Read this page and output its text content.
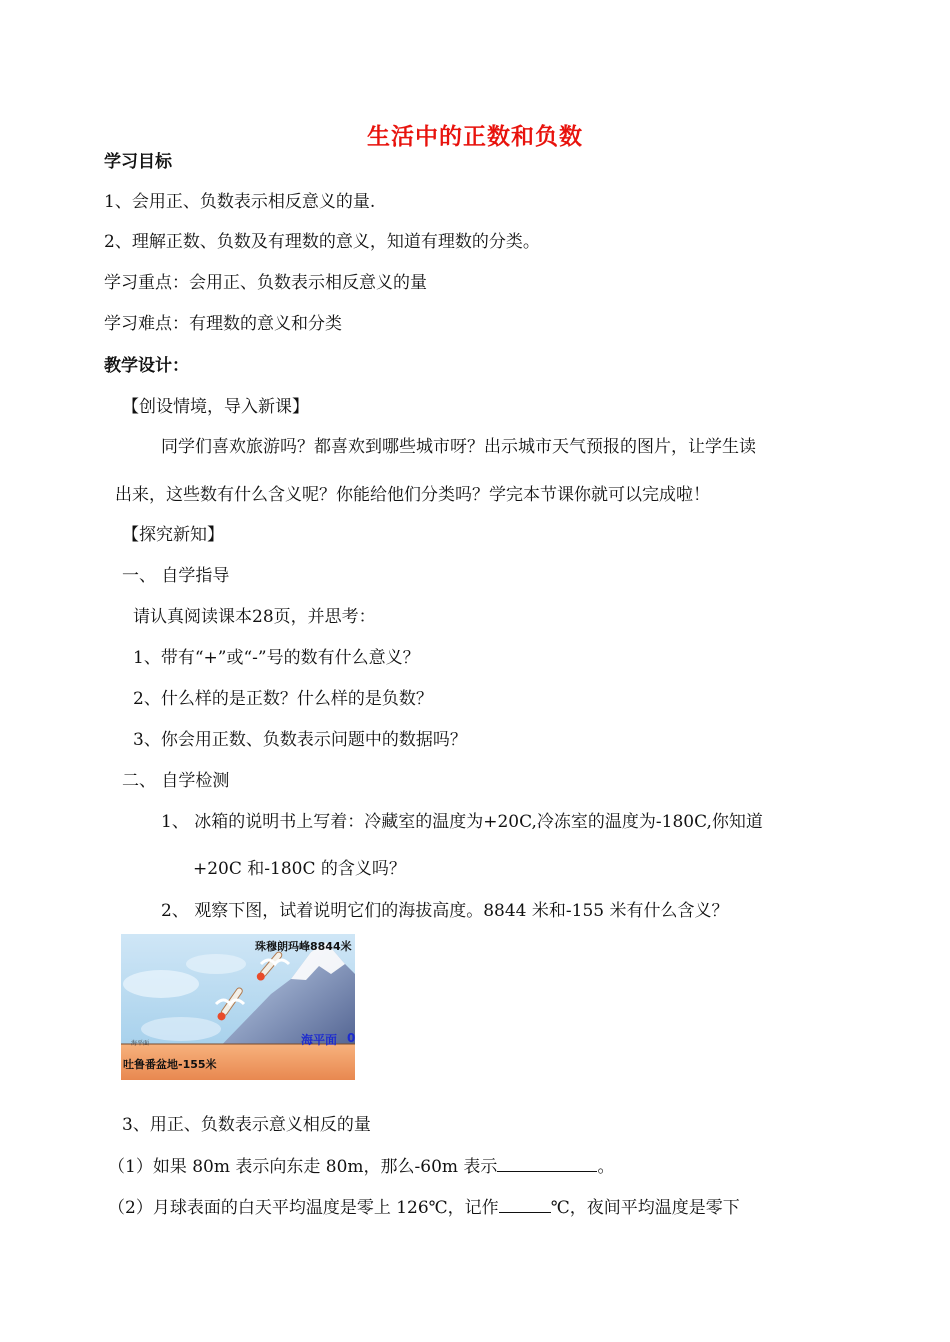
生活中的正数和负数
学习目标
1、会用正、负数表示相反意义的量.
2、理解正数、负数及有理数的意义，知道有理数的分类。
学习重点：会用正、负数表示相反意义的量
学习难点：有理数的意义和分类
教学设计：
【创设情境，导入新课】
同学们喜欢旅游吗？都喜欢到哪些城市呀？出示城市天气预报的图片，让学生读
出来，这些数有什么含义呢？你能给他们分类吗？学完本节课你就可以完成啦！
【探究新知】
一、 自学指导
请认真阅读课本28页，并思考：
1、带有“+”或“-”号的数有什么意义？
2、什么样的是正数？什么样的是负数？
3、你会用正数、负数表示问题中的数据吗？
二、 自学检测
1、 冰箱的说明书上写着：冷藏室的温度为+20C,冷冻室的温度为-180C,你知道
+20C 和-180C 的含义吗？
2、 观察下图，试着说明它们的海拔高度。8844 米和-155 米有什么含义？
珠穆朗玛峰8844米
海平面 0
海平面
吐鲁番盆地-155米
3、用正、负数表示意义相反的量
（1）如果 80m 表示向东走 80m，那么-60m 表示	。
（2）月球表面的白天平均温度是零上 126℃，记作	℃，夜间平均温度是零下
